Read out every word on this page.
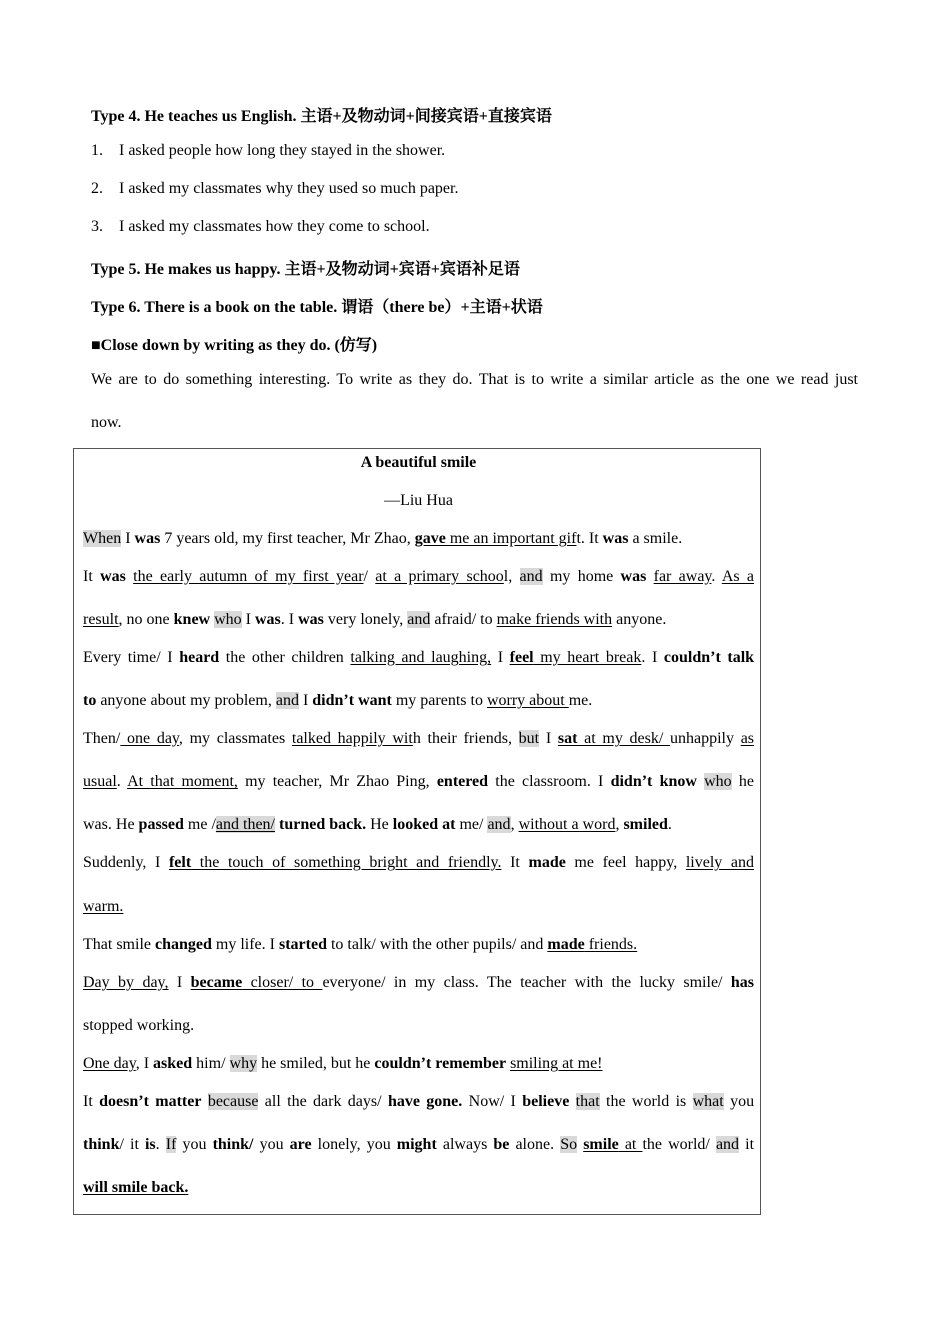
Type 4. He teaches us English. 主语+及物动词+间接宾语+直接宾语
1. I asked people how long they stayed in the shower.
2. I asked my classmates why they used so much paper.
3. I asked my classmates how they come to school.
Type 5. He makes us happy. 主语+及物动词+宾语+宾语补足语
Type 6. There is a book on the table. 谓语（there be）+主语+状语
■Close down by writing as they do. (仿写)
We are to do something interesting. To write as they do. That is to write a similar article as the one we read just
now.
A beautiful smile
—Liu Hua
When I was 7 years old, my first teacher, Mr Zhao, gave me an important gift. It was a smile.
It was the early autumn of my first year/ at a primary school, and my home was far away. As a
result, no one knew who I was. I was very lonely, and afraid/ to make friends with anyone.
Every time/ I heard the other children talking and laughing, I feel my heart break. I couldn’t talk
to anyone about my problem, and I didn’t want my parents to worry about me.
Then/ one day, my classmates talked happily with their friends, but I sat at my desk/ unhappily as
usual. At that moment, my teacher, Mr Zhao Ping, entered the classroom. I didn’t know who he
was. He passed me /and then/ turned back. He looked at me/ and, without a word, smiled.
Suddenly, I felt the touch of something bright and friendly. It made me feel happy, lively and
warm.
That smile changed my life. I started to talk/ with the other pupils/ and made friends.
Day by day, I became closer/ to everyone/ in my class. The teacher with the lucky smile/ has
stopped working.
One day, I asked him/ why he smiled, but he couldn’t remember smiling at me!
It doesn’t matter because all the dark days/ have gone. Now/ I believe that the world is what you
think/ it is. If you think/ you are lonely, you might always be alone. So smile at the world/ and it
will smile back.
